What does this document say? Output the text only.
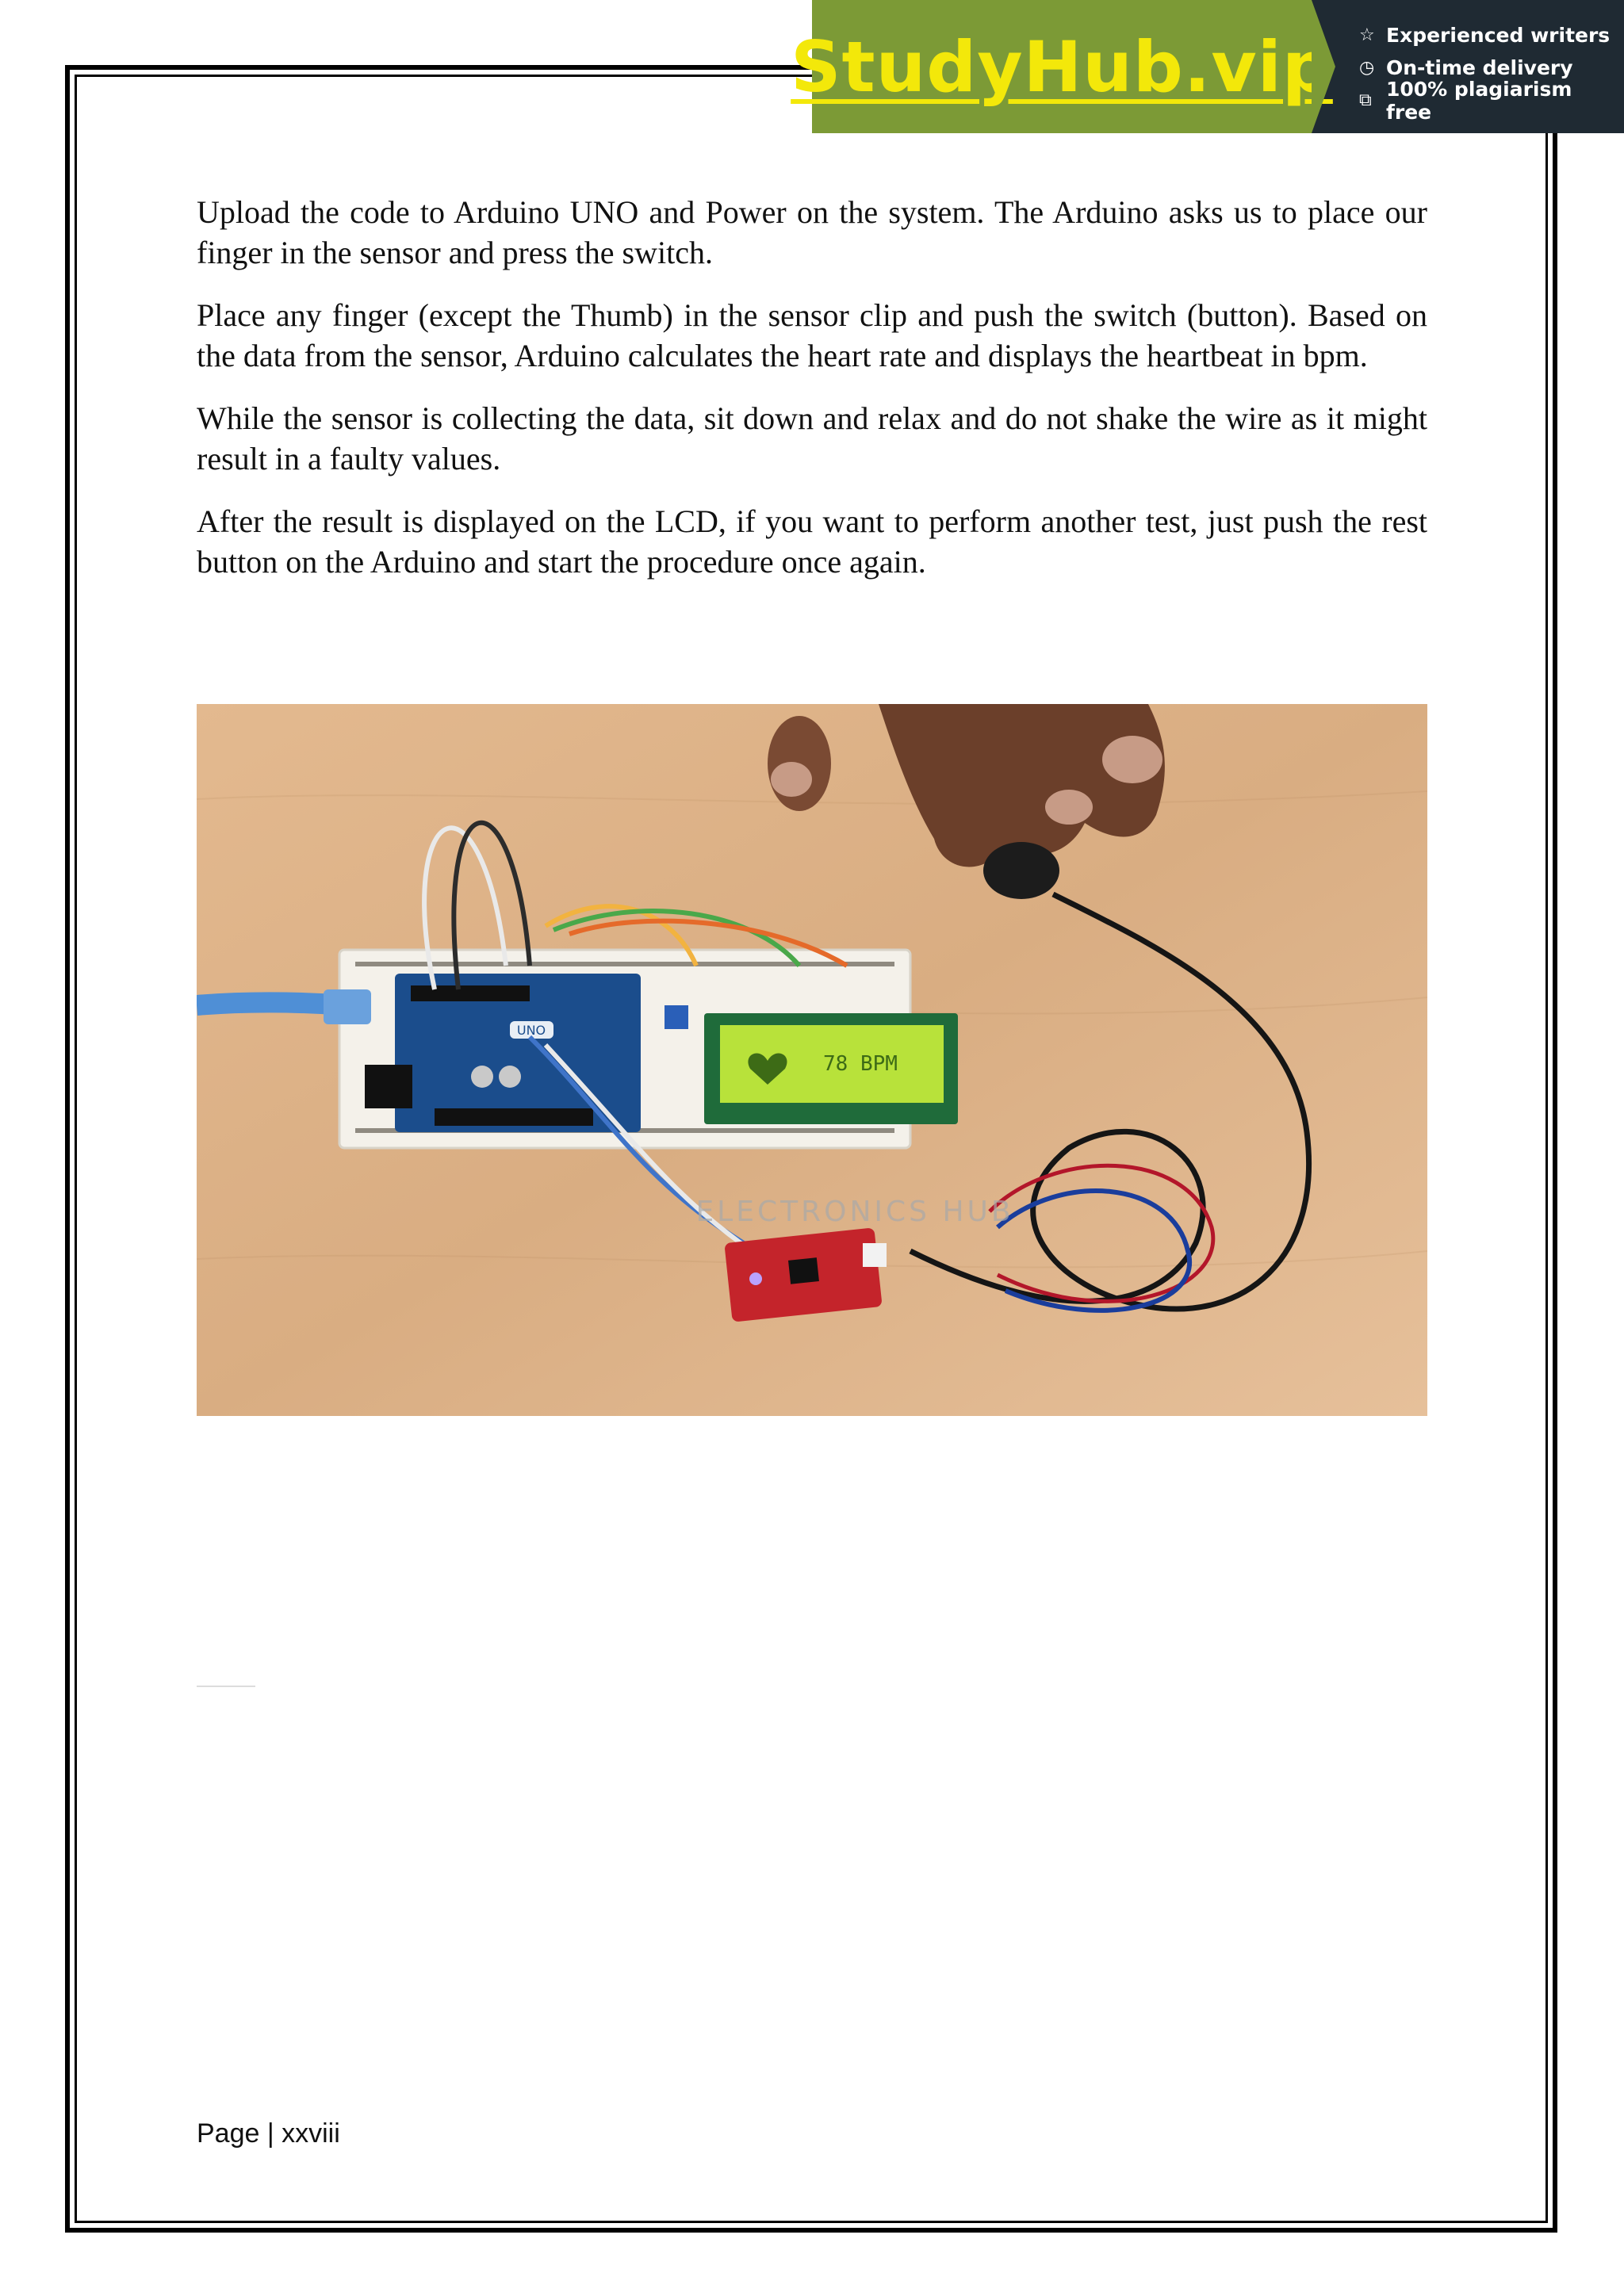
StudyHub.vip ☆ Experienced writers
◷ On-time delivery
⧉ 100% plagiarism free

Upload the code to Arduino UNO and Power on the system. The Arduino asks us to place our finger in the sensor and press the switch.

Place any finger (except the Thumb) in the sensor clip and push the switch (button). Based on the data from the sensor, Arduino calculates the heart rate and displays the heartbeat in bpm.

While the sensor is collecting the data, sit down and relax and do not shake the wire as it might result in a faulty values.

After the result is displayed on the LCD, if you want to perform another test, just push the rest button on the Arduino and start the procedure once again.

UNO
78 BPM
ELECTRONICS HUB
Page | xxviii
